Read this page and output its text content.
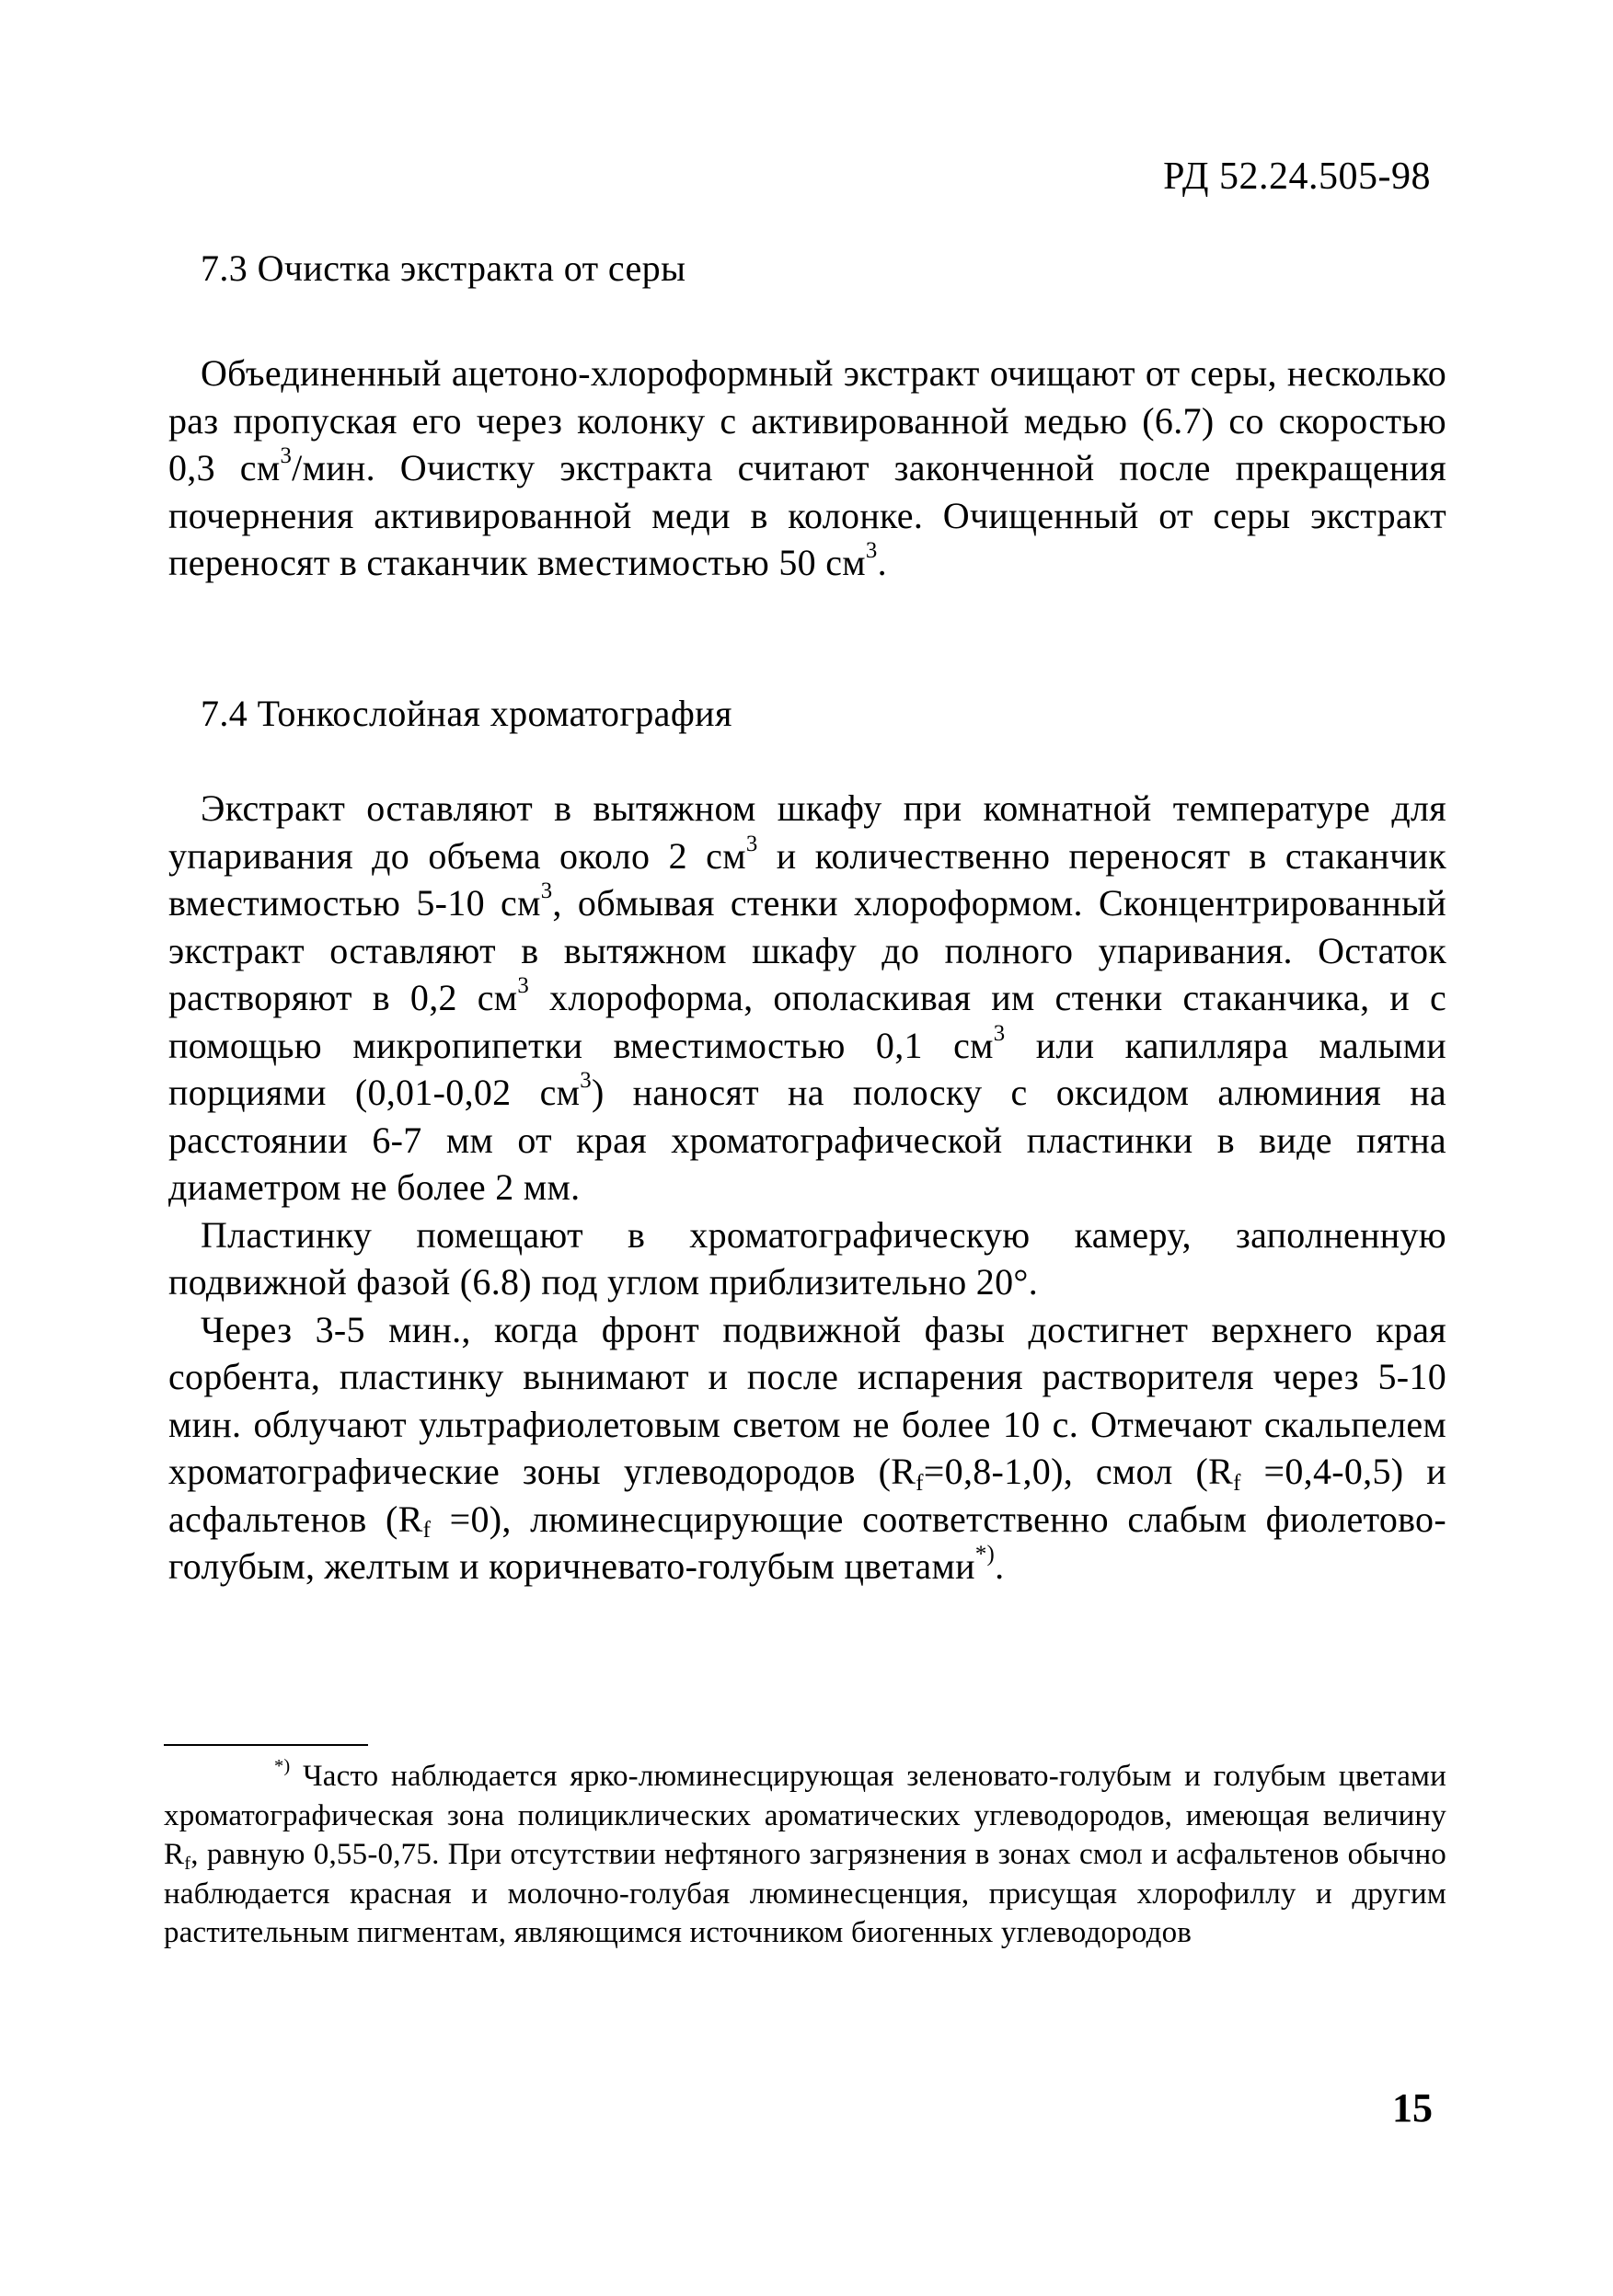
РД 52.24.505-98
7.3 Очистка экстракта от серы

Объединенный ацетоно-хлороформный экстракт очищают от серы, несколько раз пропуская его через колонку с активированной медью (6.7) со скоростью 0,3 $см^3$/мин. Очистку экстракта считают законченной после прекращения почернения активированной меди в колонке. Очищенный от серы экстракт переносят в стаканчик вместимостью 50 $см^3$.

7.4 Тонкослойная хроматография

Экстракт оставляют в вытяжном шкафу при комнатной температуре для упаривания до объема около 2 $см^3$ и количественно переносят в стаканчик вместимостью 5-10 $см^3$, обмывая стенки хлороформом. Сконцентрированный экстракт оставляют в вытяжном шкафу до полного упаривания. Остаток растворяют в 0,2 $см^3$ хлороформа, ополаскивая им стенки стаканчика, и с помощью микропипетки вместимостью 0,1 $см^3$ или капилляра малыми порциями (0,01-0,02 $см^3$) наносят на полоску с оксидом алюминия на расстоянии 6-7 мм от края хроматографической пластинки в виде пятна диаметром не более 2 мм.

Пластинку помещают в хроматографическую камеру, заполненную подвижной фазой (6.8) под углом приблизительно 20°.

Через 3-5 мин., когда фронт подвижной фазы достигнет верхнего края сорбента, пластинку вынимают и после испарения растворителя через 5-10 мин. облучают ультрафиолетовым светом не более 10 с. Отмечают скальпелем хроматографические зоны углеводородов $(R_f=0,8-1,0)$, смол $(R_f =0,4-0,5)$ и асфальтенов $(R_f =0)$, люминесцирующие соответственно слабым фиолетово-голубым, желтым и коричневато-голубым цветами*).

*) Часто наблюдается ярко-люминесцирующая зеленовато-голубым и голубым цветами хроматографическая зона полициклических ароматических углеводородов, имеющая величину $R_f$, равную 0,55-0,75. При отсутствии нефтяного загрязнения в зонах смол и асфальтенов обычно наблюдается красная и молочно-голубая люминесценция, присущая хлорофиллу и другим растительным пигментам, являющимся источником биогенных углеводородов

15
